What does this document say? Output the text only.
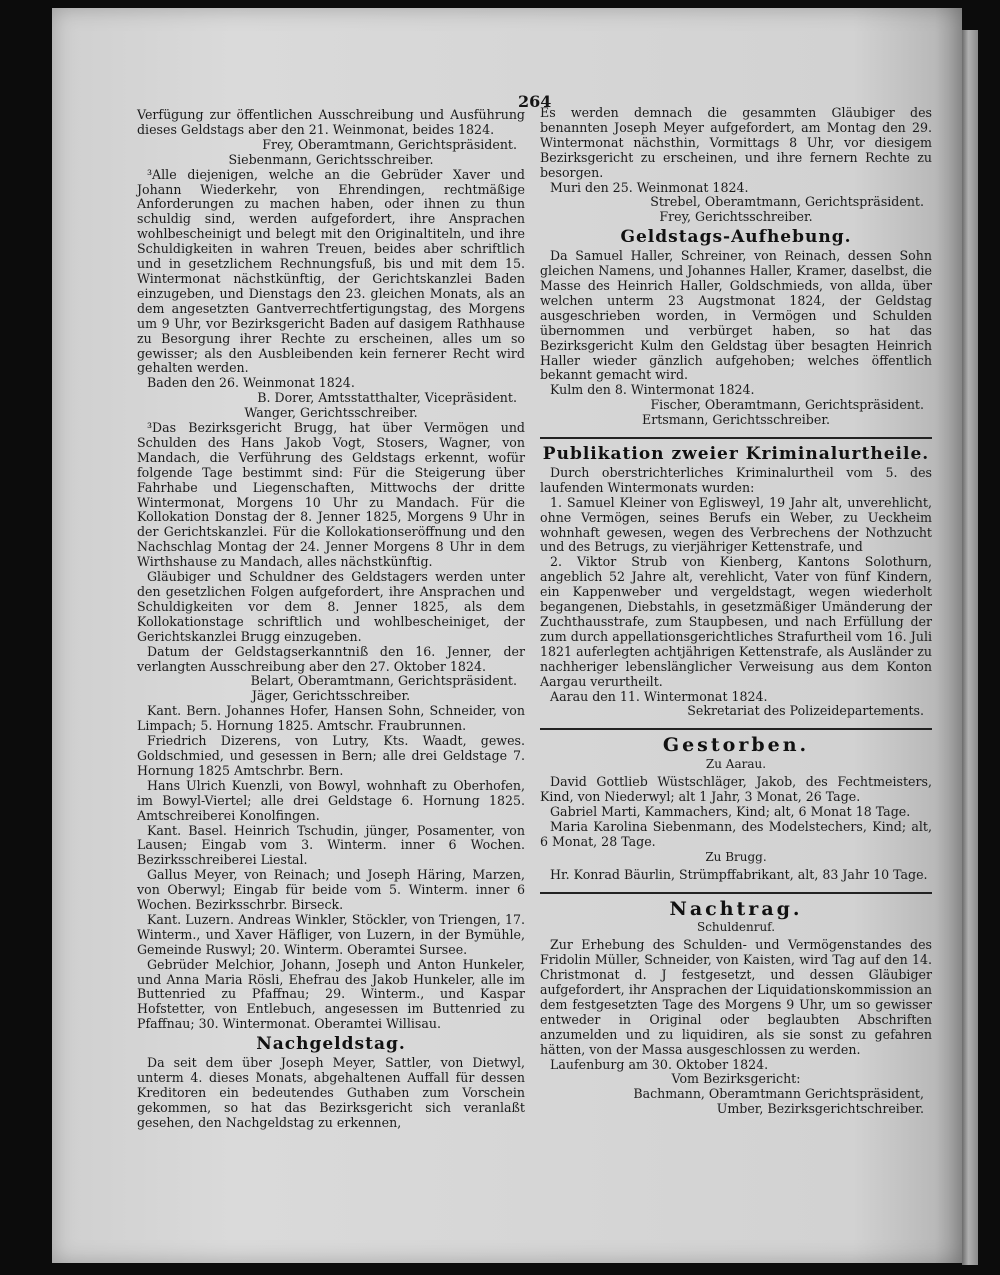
264

Verfügung zur öffentlichen Ausschreibung und Ausführung dieses Geldstags aber den 21. Weinmonat, beides 1824.

Frey, Oberamtmann, Gerichtspräsident.

Siebenmann, Gerichtsschreiber.

³Alle diejenigen, welche an die Gebrüder Xaver und Johann Wiederkehr, von Ehrendingen, rechtmäßige Anforderungen zu machen haben, oder ihnen zu thun schuldig sind, werden aufgefordert, ihre Ansprachen wohlbescheinigt und belegt mit den Originaltiteln, und ihre Schuldigkeiten in wahren Treuen, beides aber schriftlich und in gesetzlichem Rechnungsfuß, bis und mit dem 15. Wintermonat nächstkünftig, der Gerichtskanzlei Baden einzugeben, und Dienstags den 23. gleichen Monats, als an dem angesetzten Gantverrechtfertigungstag, des Morgens um 9 Uhr, vor Bezirksgericht Baden auf dasigem Rathhause zu Besorgung ihrer Rechte zu erscheinen, alles um so gewisser; als den Ausbleibenden kein fernerer Recht wird gehalten werden.

Baden den 26. Weinmonat 1824.

B. Dorer, Amtsstatthalter, Vicepräsident.

Wanger, Gerichtsschreiber.

³Das Bezirksgericht Brugg, hat über Vermögen und Schulden des Hans Jakob Vogt, Stosers, Wagner, von Mandach, die Verführung des Geldstags erkennt, wofür folgende Tage bestimmt sind: Für die Steigerung über Fahrhabe und Liegenschaften, Mittwochs der dritte Wintermonat, Morgens 10 Uhr zu Mandach. Für die Kollokation Donstag der 8. Jenner 1825, Morgens 9 Uhr in der Gerichtskanzlei. Für die Kollokationseröffnung und den Nachschlag Montag der 24. Jenner Morgens 8 Uhr in dem Wirthshause zu Mandach, alles nächstkünftig.

Gläubiger und Schuldner des Geldstagers werden unter den gesetzlichen Folgen aufgefordert, ihre Ansprachen und Schuldigkeiten vor dem 8. Jenner 1825, als dem Kollokationstage schriftlich und wohlbescheiniget, der Gerichtskanzlei Brugg einzugeben.

Datum der Geldstagserkanntniß den 16. Jenner, der verlangten Ausschreibung aber den 27. Oktober 1824.

Belart, Oberamtmann, Gerichtspräsident.

Jäger, Gerichtsschreiber.

Kant. Bern. Johannes Hofer, Hansen Sohn, Schneider, von Limpach; 5. Hornung 1825. Amtschr. Fraubrunnen.

Friedrich Dizerens, von Lutry, Kts. Waadt, gewes. Goldschmied, und gesessen in Bern; alle drei Geldstage 7. Hornung 1825 Amtschrbr. Bern.

Hans Ulrich Kuenzli, von Bowyl, wohnhaft zu Oberhofen, im Bowyl-Viertel; alle drei Geldstage 6. Hornung 1825. Amtschreiberei Konolfingen.

Kant. Basel. Heinrich Tschudin, jünger, Posamenter, von Lausen; Eingab vom 3. Winterm. inner 6 Wochen. Bezirksschreiberei Liestal.

Gallus Meyer, von Reinach; und Joseph Häring, Marzen, von Oberwyl; Eingab für beide vom 5. Winterm. inner 6 Wochen. Bezirksschrbr. Birseck.

Kant. Luzern. Andreas Winkler, Stöckler, von Triengen, 17. Winterm., und Xaver Häfliger, von Luzern, in der Bymühle, Gemeinde Ruswyl; 20. Winterm. Oberamtei Sursee.

Gebrüder Melchior, Johann, Joseph und Anton Hunkeler, und Anna Maria Rösli, Ehefrau des Jakob Hunkeler, alle im Buttenried zu Pfaffnau; 29. Winterm., und Kaspar Hofstetter, von Entlebuch, angesessen im Buttenried zu Pfaffnau; 30. Wintermonat. Oberamtei Willisau.

Nachgeldstag.

Da seit dem über Joseph Meyer, Sattler, von Dietwyl, unterm 4. dieses Monats, abgehaltenen Auffall für dessen Kreditoren ein bedeutendes Guthaben zum Vorschein gekommen, so hat das Bezirksgericht sich veranlaßt gesehen, den Nachgeldstag zu erkennen,

Es werden demnach die gesammten Gläubiger des benannten Joseph Meyer aufgefordert, am Montag den 29. Wintermonat nächsthin, Vormittags 8 Uhr, vor diesigem Bezirksgericht zu erscheinen, und ihre fernern Rechte zu besorgen.

Muri den 25. Weinmonat 1824.

Strebel, Oberamtmann, Gerichtspräsident.

Frey, Gerichtsschreiber.

Geldstags-Aufhebung.

Da Samuel Haller, Schreiner, von Reinach, dessen Sohn gleichen Namens, und Johannes Haller, Kramer, daselbst, die Masse des Heinrich Haller, Goldschmieds, von allda, über welchen unterm 23 Augstmonat 1824, der Geldstag ausgeschrieben worden, in Vermögen und Schulden übernommen und verbürget haben, so hat das Bezirksgericht Kulm den Geldstag über besagten Heinrich Haller wieder gänzlich aufgehoben; welches öffentlich bekannt gemacht wird.

Kulm den 8. Wintermonat 1824.

Fischer, Oberamtmann, Gerichtspräsident.

Ertsmann, Gerichtsschreiber.

Publikation zweier Kriminalurtheile.

Durch oberstrichterliches Kriminalurtheil vom 5. des laufenden Wintermonats wurden:

1. Samuel Kleiner von Eglisweyl, 19 Jahr alt, unverehlicht, ohne Vermögen, seines Berufs ein Weber, zu Ueckheim wohnhaft gewesen, wegen des Verbrechens der Nothzucht und des Betrugs, zu vierjähriger Kettenstrafe, und

2. Viktor Strub von Kienberg, Kantons Solothurn, angeblich 52 Jahre alt, verehlicht, Vater von fünf Kindern, ein Kappenweber und vergeldstagt, wegen wiederholt begangenen, Diebstahls, in gesetzmäßiger Umänderung der Zuchthausstrafe, zum Staupbesen, und nach Erfüllung der zum durch appellationsgerichtliches Strafurtheil vom 16. Juli 1821 auferlegten achtjährigen Kettenstrafe, als Ausländer zu nachheriger lebenslänglicher Verweisung aus dem Konton Aargau verurtheilt.

Aarau den 11. Wintermonat 1824.

Sekretariat des Polizeidepartements.

Gestorben.
Zu Aarau.

David Gottlieb Wüstschläger, Jakob, des Fechtmeisters, Kind, von Niederwyl; alt 1 Jahr, 3 Monat, 26 Tage.

Gabriel Marti, Kammachers, Kind; alt, 6 Monat 18 Tage.

Maria Karolina Siebenmann, des Modelstechers, Kind; alt, 6 Monat, 28 Tage.

Zu Brugg.

Hr. Konrad Bäurlin, Strümpffabrikant, alt, 83 Jahr 10 Tage.

Nachtrag.
Schuldenruf.

Zur Erhebung des Schulden- und Vermögenstandes des Fridolin Müller, Schneider, von Kaisten, wird Tag auf den 14. Christmonat d. J festgesetzt, und dessen Gläubiger aufgefordert, ihr Ansprachen der Liquidationskommission an dem festgesetzten Tage des Morgens 9 Uhr, um so gewisser entweder in Original oder beglaubten Abschriften anzumelden und zu liquidiren, als sie sonst zu gefahren hätten, von der Massa ausgeschlossen zu werden.

Laufenburg am 30. Oktober 1824.

Vom Bezirksgericht:

Bachmann, Oberamtmann Gerichtspräsident,

Umber, Bezirksgerichtschreiber.
